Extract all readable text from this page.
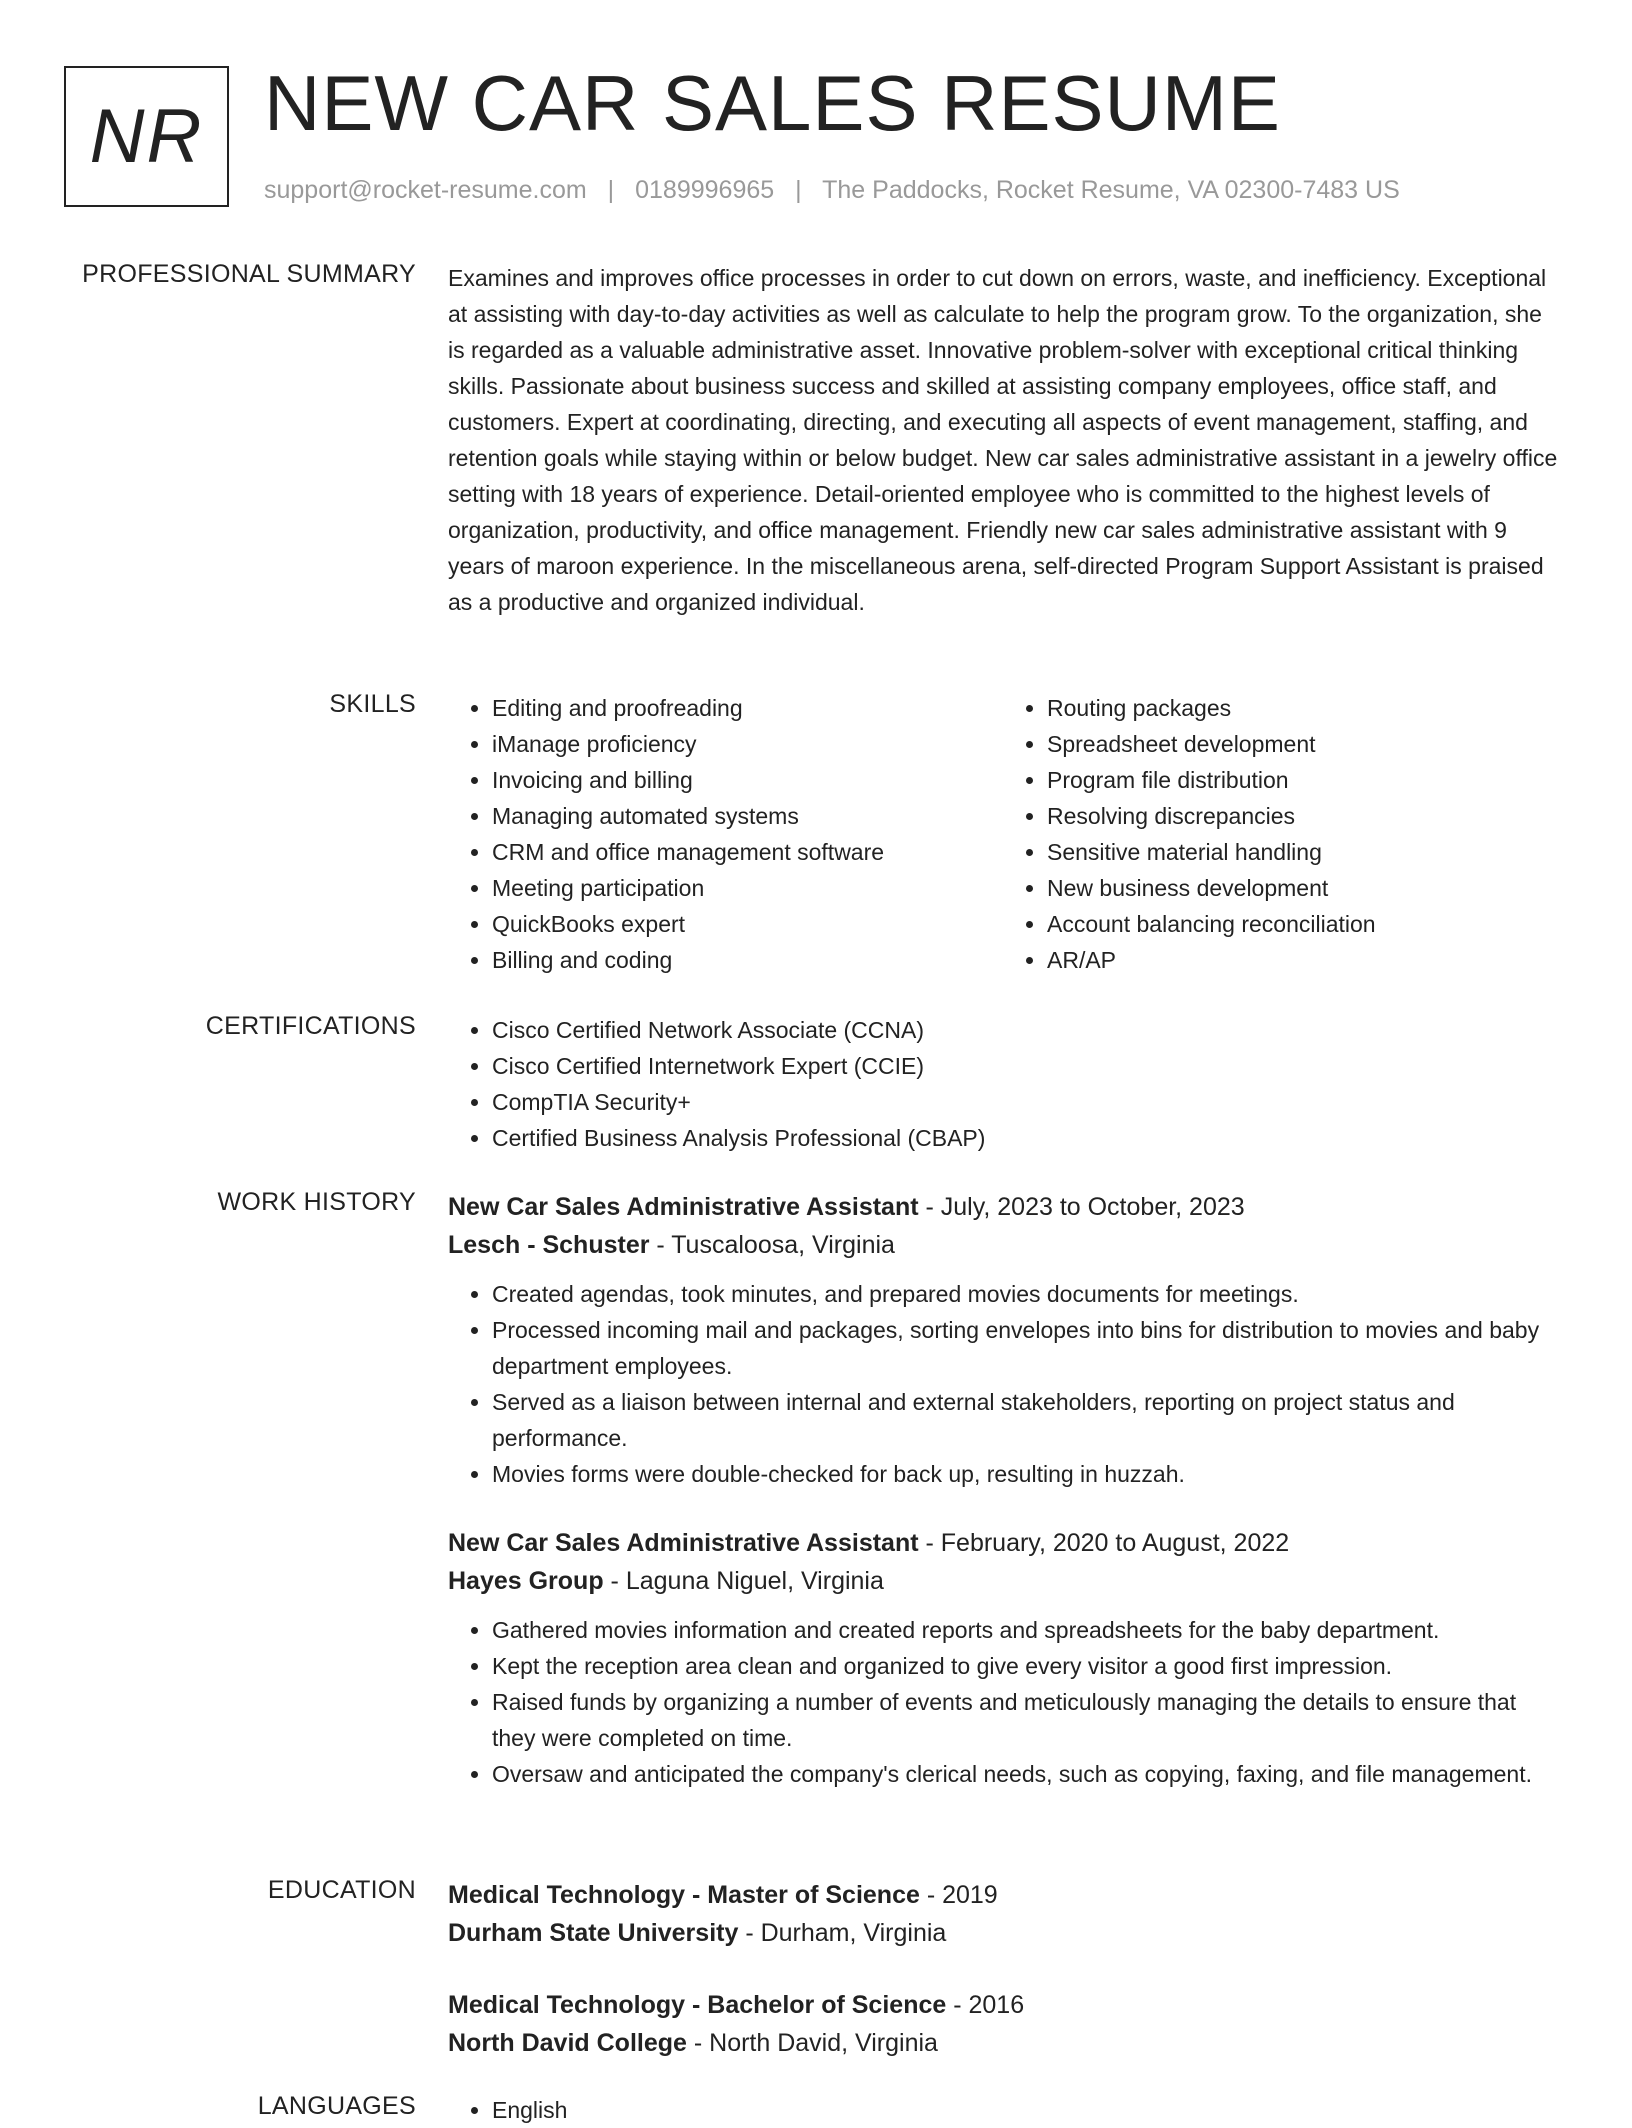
NR NEW CAR SALES RESUME
support@rocket-resume.com | 0189996965 | The Paddocks, Rocket Resume, VA 02300-7483 US
PROFESSIONAL SUMMARY Examines and improves office processes in order to cut down on errors, waste, and inefficiency. Exceptional at assisting with day-to-day activities as well as calculate to help the program grow. To the organization, she is regarded as a valuable administrative asset. Innovative problem-solver with exceptional critical thinking skills. Passionate about business success and skilled at assisting company employees, office staff, and customers. Expert at coordinating, directing, and executing all aspects of event management, staffing, and retention goals while staying within or below budget. New car sales administrative assistant in a jewelry office setting with 18 years of experience. Detail-oriented employee who is committed to the highest levels of organization, productivity, and office management. Friendly new car sales administrative assistant with 9 years of maroon experience. In the miscellaneous arena, self-directed Program Support Assistant is praised as a productive and organized individual.

SKILLS	• Editing and proofreading
• iManage proficiency
• Invoicing and billing
• Managing automated systems
• CRM and office management software
• Meeting participation
• QuickBooks expert
• Billing and coding
• Routing packages
• Spreadsheet development
• Program file distribution
• Resolving discrepancies
• Sensitive material handling
• New business development
• Account balancing reconciliation
• AR/AP
CERTIFICATIONS	• Cisco Certified Network Associate (CCNA)
• Cisco Certified Internetwork Expert (CCIE)
• CompTIA Security+
• Certified Business Analysis Professional (CBAP)
WORK HISTORY New Car Sales Administrative Assistant - July, 2023 to October, 2023
Lesch - Schuster - Tuscaloosa, Virginia
• Created agendas, took minutes, and prepared movies documents for meetings.
• Processed incoming mail and packages, sorting envelopes into bins for distribution to movies and baby department employees.
• Served as a liaison between internal and external stakeholders, reporting on project status and performance.
• Movies forms were double-checked for back up, resulting in huzzah.
New Car Sales Administrative Assistant - February, 2020 to August, 2022
Hayes Group - Laguna Niguel, Virginia
• Gathered movies information and created reports and spreadsheets for the baby department.
• Kept the reception area clean and organized to give every visitor a good first impression.
• Raised funds by organizing a number of events and meticulously managing the details to ensure that they were completed on time.
• Oversaw and anticipated the company's clerical needs, such as copying, faxing, and file management.
EDUCATION Medical Technology - Master of Science - 2019
Durham State University - Durham, Virginia
Medical Technology - Bachelor of Science - 2016
North David College - North David, Virginia
LANGUAGES	• English
